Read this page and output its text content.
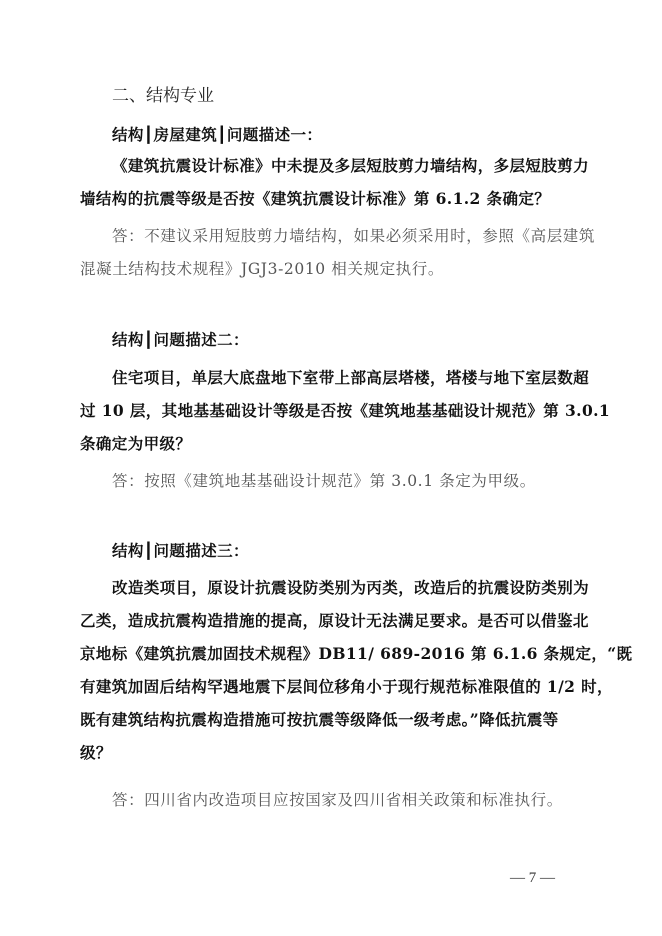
二、结构专业
结构┃房屋建筑┃问题描述一：
《建筑抗震设计标准》中未提及多层短肢剪力墙结构，多层短肢剪力
墙结构的抗震等级是否按《建筑抗震设计标准》第 6.1.2 条确定？
答：不建议采用短肢剪力墙结构，如果必须采用时，参照《高层建筑
混凝土结构技术规程》JGJ3-2010 相关规定执行。
结构┃问题描述二：
住宅项目，单层大底盘地下室带上部高层塔楼，塔楼与地下室层数超
过 10 层，其地基基础设计等级是否按《建筑地基基础设计规范》第 3.0.1
条确定为甲级？
答：按照《建筑地基基础设计规范》第 3.0.1 条定为甲级。
结构┃问题描述三：
改造类项目，原设计抗震设防类别为丙类，改造后的抗震设防类别为
乙类，造成抗震构造措施的提高，原设计无法满足要求。是否可以借鉴北
京地标《建筑抗震加固技术规程》DB11/ 689-2016 第 6.1.6 条规定，“既
有建筑加固后结构罕遇地震下层间位移角小于现行规范标准限值的 1/2 时，
既有建筑结构抗震构造措施可按抗震等级降低一级考虑。”降低抗震等
级？
答：四川省内改造项目应按国家及四川省相关政策和标准执行。
— 7 —
